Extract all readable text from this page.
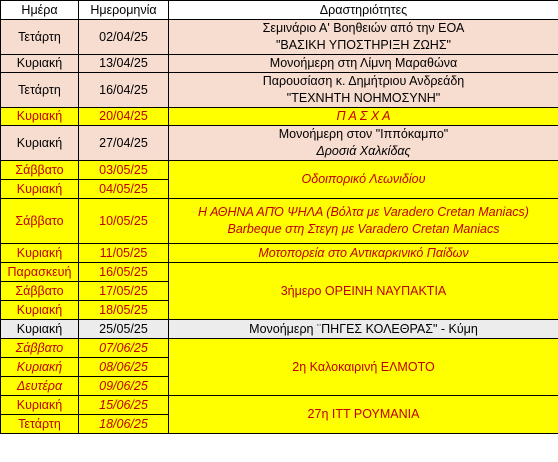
Ημέρα	Ημερομηνία	Δραστηριότητες
Τετάρτη	02/04/25	Σεμινάριο Α' Βοηθειών από την ΕΟΑ
"ΒΑΣΙΚΗ ΥΠΟΣΤΗΡΙΞΗ ΖΩΗΣ"

Κυριακή	13/04/25	Μονοήμερη στη Λίμνη Μαραθώνα
Τετάρτη	16/04/25	Παρουσίαση κ. Δημήτριου Ανδρεάδη
"ΤΕΧΝΗΤΗ ΝΟΗΜΟΣΥΝΗ"

Κυριακή	20/04/25	Π Α Σ Χ Α
Κυριακή	27/04/25	Μονοήμερη στον "Ιππόκαμπο"
Δροσιά Χαλκίδας

Σάββατο	03/05/25	Οδοιπορικό Λεωνιδίου
Κυριακή	04/05/25	
Σάββατο	10/05/25	Η ΑΘΗΝΑ ΑΠΌ ΨΗΛΑ (Βόλτα με Varadero Cretan Maniacs)
Barbeque στη Στεγη με Varadero Cretan Maniacs

Κυριακή	11/05/25	Μοτοπορεία στο Αντικαρκινικό Παίδων
Παρασκευή	16/05/25	3ήμερο ΟΡΕΙΝΗ ΝΑΥΠΑΚΤΙΑ
Σάββατο	17/05/25	
Κυριακή	18/05/25	
Κυριακή	25/05/25	Μονοήμερη ¨ΠΗΓΕΣ ΚΟΛΕΘΡΑΣ" - Κύμη
Σάββατο	07/06/25	2η Καλοκαιρινή ΕΛΜΟΤΟ
Κυριακή	08/06/25	
Δευτέρα	09/06/25	
Κυριακή	15/06/25	27η ΙΤΤ ΡΟΥΜΑΝΙΑ
Τετάρτη	18/06/25	
